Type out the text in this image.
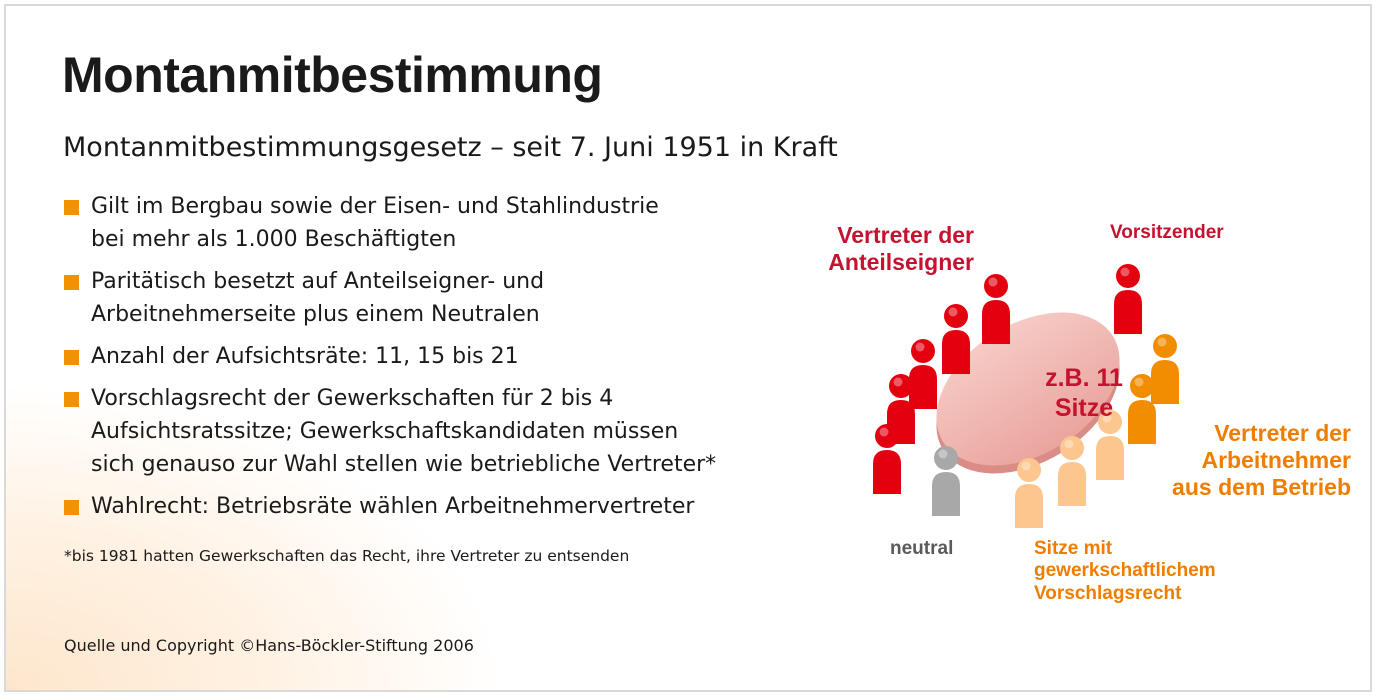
Montanmitbestimmung
Montanmitbestimmungsgesetz – seit 7. Juni 1951 in Kraft
Gilt im Bergbau sowie der Eisen- und Stahlindustrie
bei mehr als 1.000 Beschäftigten
Paritätisch besetzt auf Anteilseigner- und
Arbeitnehmerseite plus einem Neutralen
Anzahl der Aufsichtsräte: 11, 15 bis 21
Vorschlagsrecht der Gewerkschaften für 2 bis 4
Aufsichtsratssitze; Gewerkschaftskandidaten müssen
sich genauso zur Wahl stellen wie betriebliche Vertreter*
Wahlrecht: Betriebsräte wählen Arbeitnehmervertreter
*bis 1981 hatten Gewerkschaften das Recht, ihre Vertreter zu entsenden
Quelle und Copyright ©Hans-Böckler-Stiftung 2006
z.B. 11
Sitze
Vertreter der
Anteilseigner
Vorsitzender
Vertreter der
Arbeitnehmer
aus dem Betrieb
neutral	Sitze mit
gewerkschaftlichem
Vorschlagsrecht
